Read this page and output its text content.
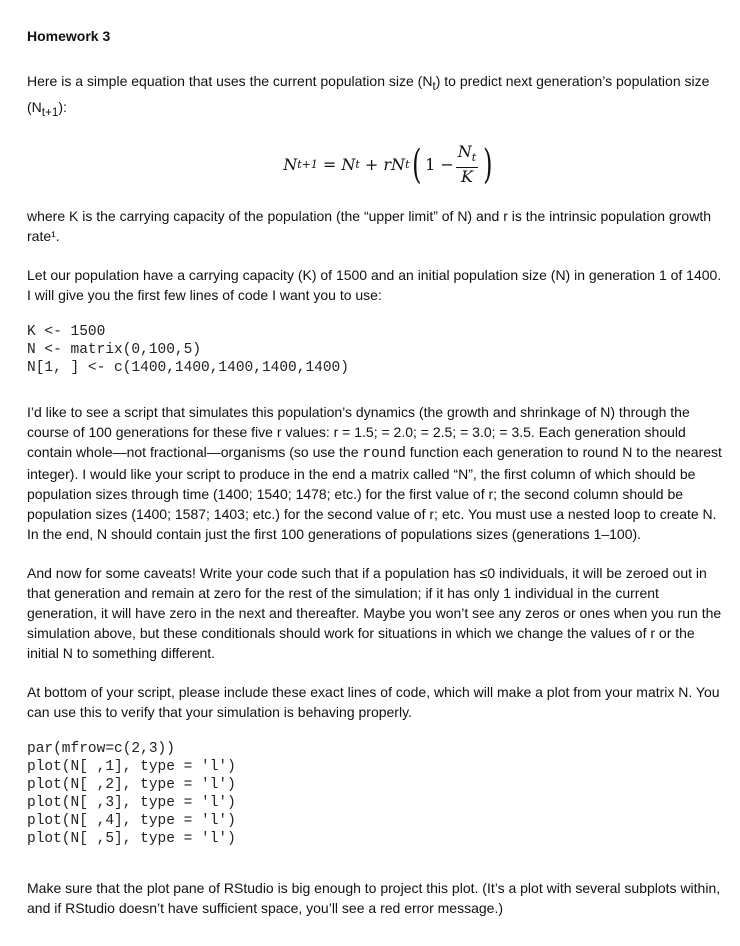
Homework 3

Here is a simple equation that uses the current population size $(N_t)$ to predict next generation’s population size $(N_{t+1})$:

N t+1 = N t + rN t ( $1 - \frac{N_t}{K}$ )

where K is the carrying capacity of the population (the “upper limit” of N) and r is the intrinsic population growth rate¹.

Let our population have a carrying capacity (K) of 1500 and an initial population size (N) in generation 1 of 1400. I will give you the first few lines of code I want you to use:

K <- 1500
N <- matrix(0,100,5)
N[1, ] <- c(1400,1400,1400,1400,1400)

I’d like to see a script that simulates this population’s dynamics (the growth and shrinkage of N) through the course of 100 generations for these five r values: r = 1.5; = 2.0; = 2.5; = 3.0; = 3.5. Each generation should contain whole—not fractional—organisms (so use the round function each generation to round N to the nearest integer). I would like your script to produce in the end a matrix called “N”, the first column of which should be population sizes through time (1400; 1540; 1478; etc.) for the first value of r; the second column should be population sizes (1400; 1587; 1403; etc.) for the second value of r; etc. You must use a nested loop to create N. In the end, N should contain just the first 100 generations of populations sizes (generations 1–100).

And now for some caveats! Write your code such that if a population has ≤0 individuals, it will be zeroed out in that generation and remain at zero for the rest of the simulation; if it has only 1 individual in the current generation, it will have zero in the next and thereafter. Maybe you won’t see any zeros or ones when you run the simulation above, but these conditionals should work for situations in which we change the values of r or the initial N to something different.

At bottom of your script, please include these exact lines of code, which will make a plot from your matrix N. You can use this to verify that your simulation is behaving properly.

par(mfrow=c(2,3))
plot(N[ ,1], type = 'l')
plot(N[ ,2], type = 'l')
plot(N[ ,3], type = 'l')
plot(N[ ,4], type = 'l')
plot(N[ ,5], type = 'l')

Make sure that the plot pane of RStudio is big enough to project this plot. (It’s a plot with several subplots within, and if RStudio doesn’t have sufficient space, you’ll see a red error message.)
